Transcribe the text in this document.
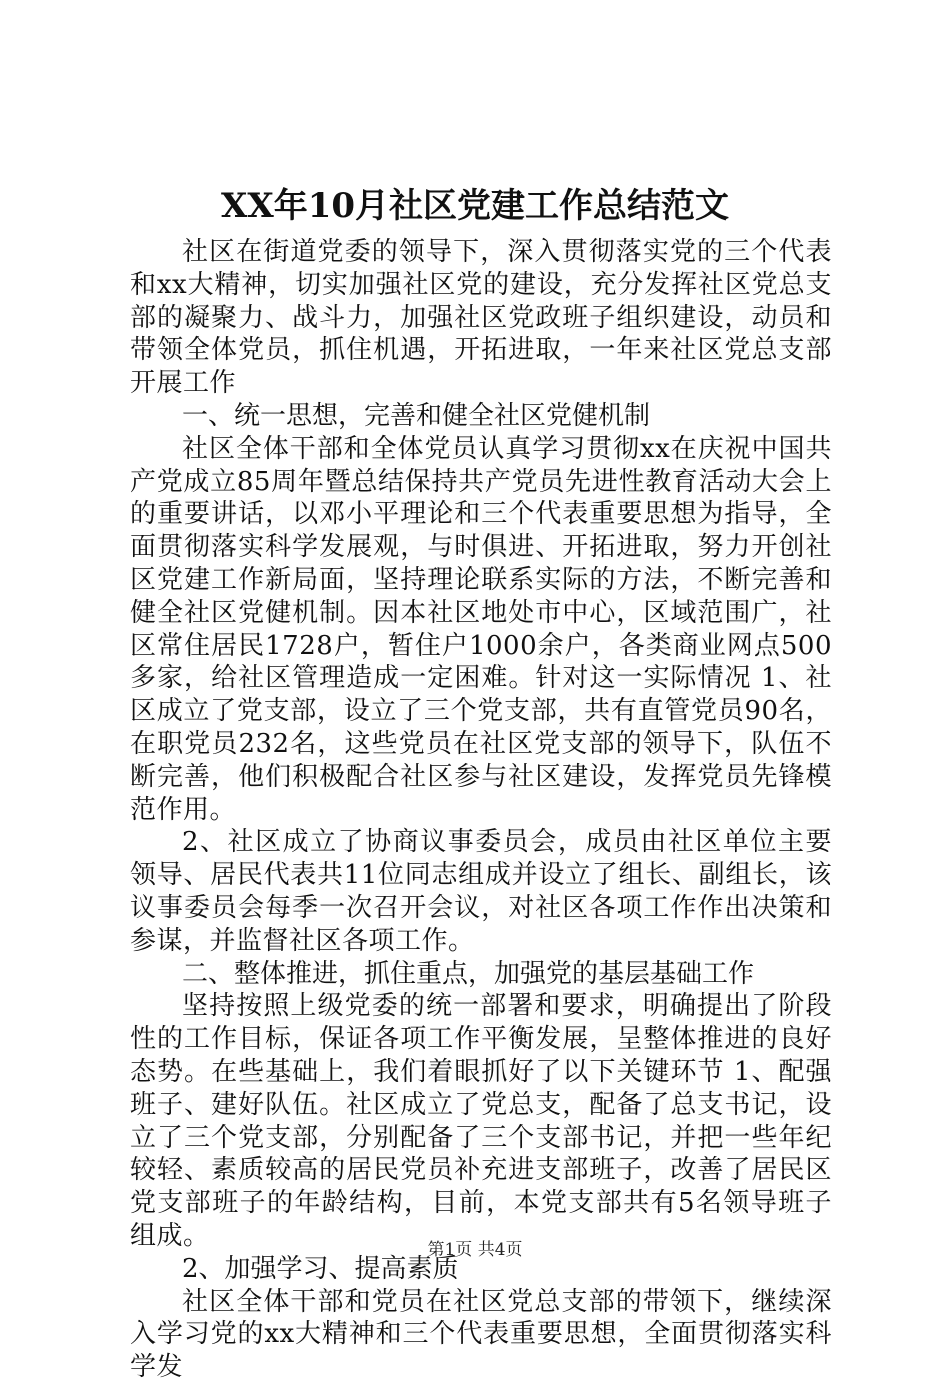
XX年10月社区党建工作总结范文

社区在街道党委的领导下，深入贯彻落实党的三个代表和xx大精神，切实加强社区党的建设，充分发挥社区党总支部的凝聚力、战斗力，加强社区党政班子组织建设，动员和带领全体党员，抓住机遇，开拓进取，一年来社区党总支部开展工作

一、统一思想，完善和健全社区党健机制

社区全体干部和全体党员认真学习贯彻xx在庆祝中国共产党成立85周年暨总结保持共产党员先进性教育活动大会上的重要讲话，以邓小平理论和三个代表重要思想为指导，全面贯彻落实科学发展观，与时俱进、开拓进取，努力开创社区党建工作新局面，坚持理论联系实际的方法，不断完善和健全社区党健机制。因本社区地处市中心，区域范围广，社区常住居民1728户，暂住户1000余户，各类商业网点500多家，给社区管理造成一定困难。针对这一实际情况 1、社区成立了党支部，设立了三个党支部，共有直管党员90名，在职党员232名，这些党员在社区党支部的领导下，队伍不断完善，他们积极配合社区参与社区建设，发挥党员先锋模范作用。

2、社区成立了协商议事委员会，成员由社区单位主要领导、居民代表共11位同志组成并设立了组长、副组长，该议事委员会每季一次召开会议，对社区各项工作作出决策和参谋，并监督社区各项工作。

二、整体推进，抓住重点，加强党的基层基础工作

坚持按照上级党委的统一部署和要求，明确提出了阶段性的工作目标，保证各项工作平衡发展，呈整体推进的良好态势。在些基础上，我们着眼抓好了以下关键环节 1、配强班子、建好队伍。社区成立了党总支，配备了总支书记，设立了三个党支部，分别配备了三个支部书记，并把一些年纪较轻、素质较高的居民党员补充进支部班子，改善了居民区党支部班子的年龄结构，目前，本党支部共有5名领导班子组成。

2、加强学习、提高素质

社区全体干部和党员在社区党总支部的带领下，继续深入学习党的xx大精神和三个代表重要思想，全面贯彻落实科学发

第1页 共4页
